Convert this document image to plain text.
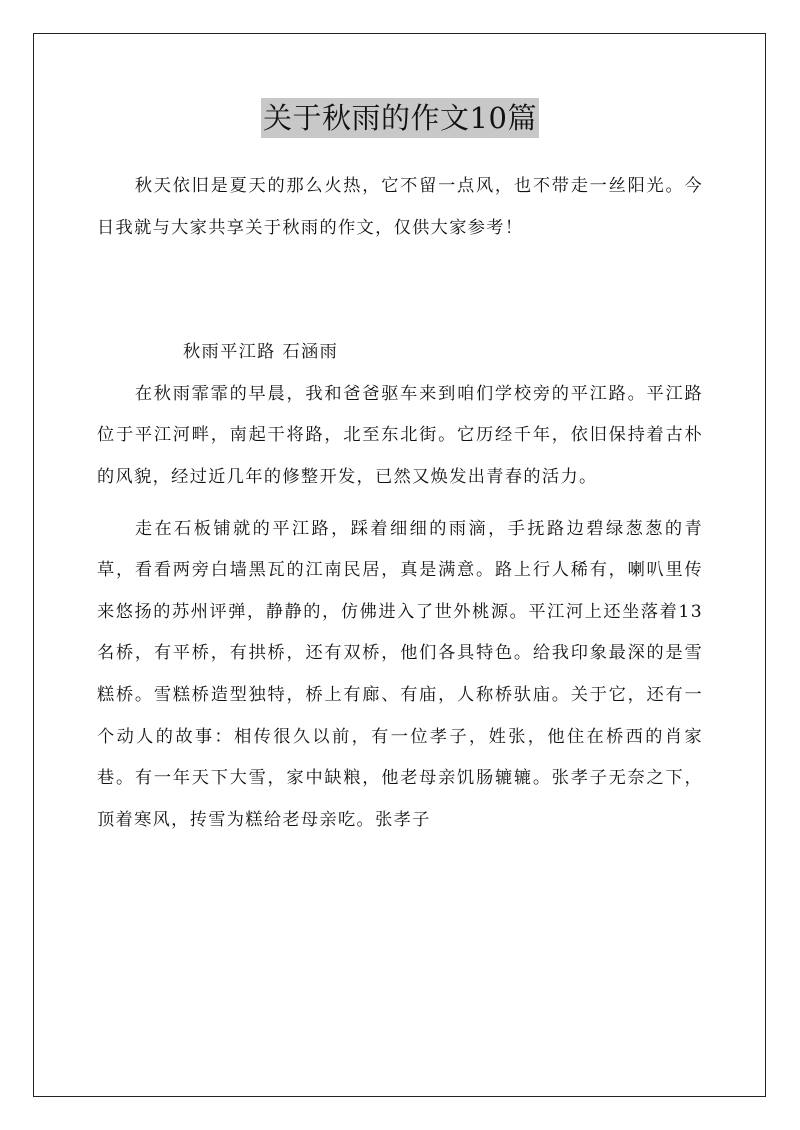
关于秋雨的作文10篇

秋天依旧是夏天的那么火热，它不留一点风，也不带走一丝阳光。今日我就与大家共享关于秋雨的作文，仅供大家参考！

秋雨平江路 石涵雨

在秋雨霏霏的早晨，我和爸爸驱车来到咱们学校旁的平江路。平江路位于平江河畔，南起干将路，北至东北街。它历经千年，依旧保持着古朴的风貌，经过近几年的修整开发，已然又焕发出青春的活力。

走在石板铺就的平江路，踩着细细的雨滴，手抚路边碧绿葱葱的青草，看看两旁白墙黑瓦的江南民居，真是满意。路上行人稀有，喇叭里传来悠扬的苏州评弹，静静的，仿佛进入了世外桃源。平江河上还坐落着13名桥，有平桥，有拱桥，还有双桥，他们各具特色。给我印象最深的是雪糕桥。雪糕桥造型独特，桥上有廊、有庙，人称桥驮庙。关于它，还有一个动人的故事：相传很久以前，有一位孝子，姓张，他住在桥西的肖家巷。有一年天下大雪，家中缺粮，他老母亲饥肠辘辘。张孝子无奈之下，顶着寒风，抟雪为糕给老母亲吃。张孝子
